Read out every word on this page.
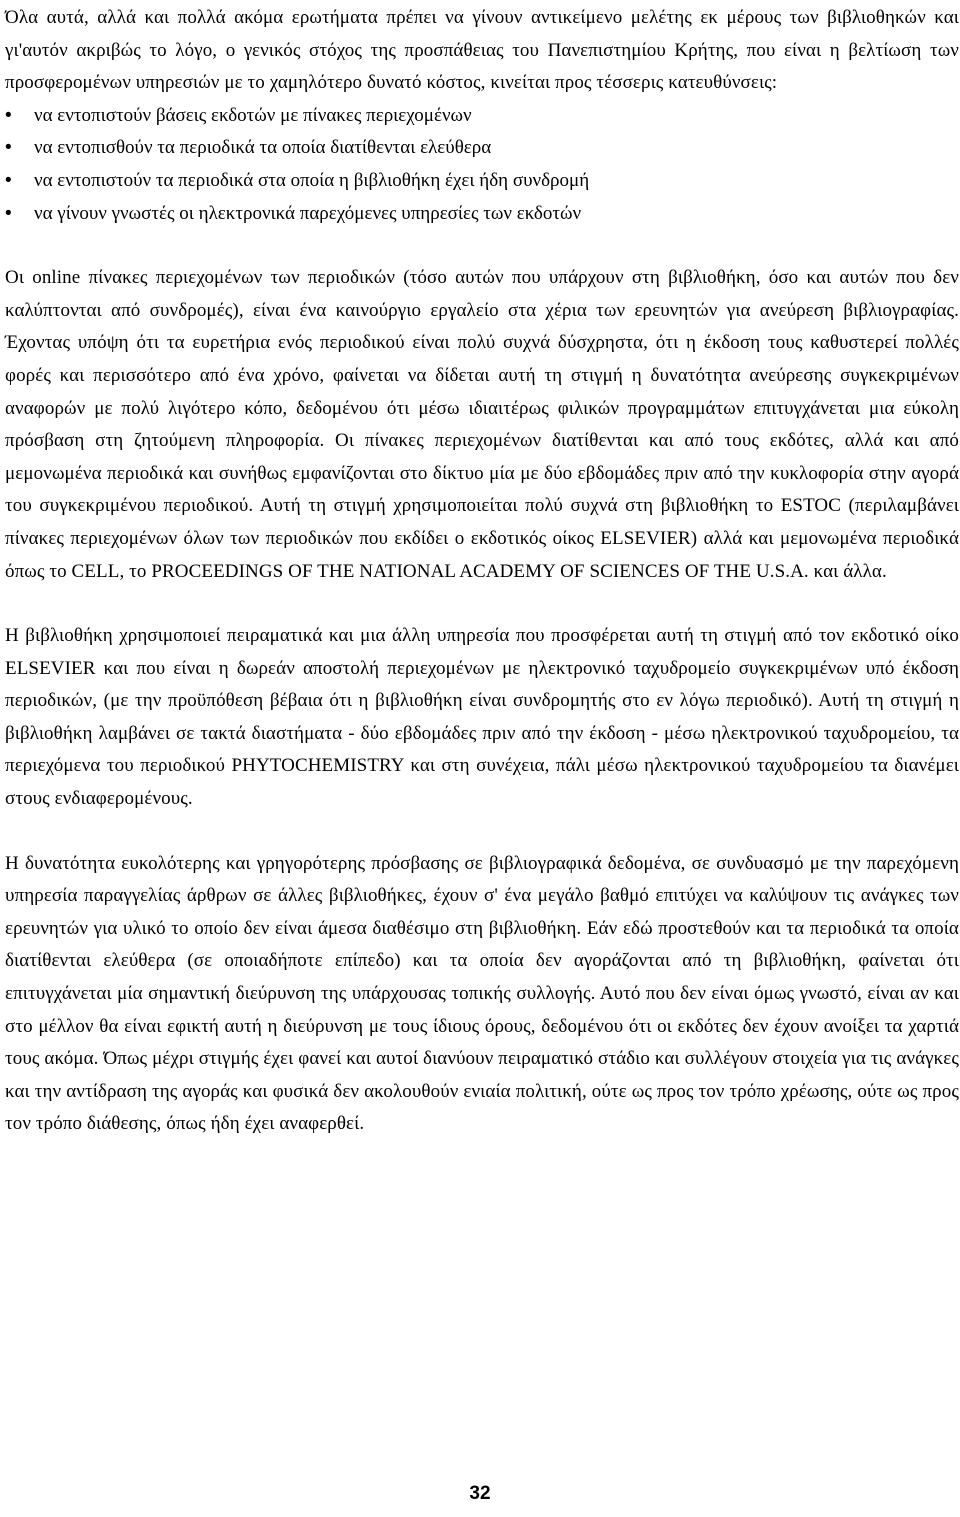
Όλα αυτά, αλλά και πολλά ακόμα ερωτήματα πρέπει να γίνουν αντικείμενο μελέτης εκ μέρους των βιβλιοθηκών και γι'αυτόν ακριβώς το λόγο, ο γενικός στόχος της προσπάθειας του Πανεπιστημίου Κρήτης, που είναι η βελτίωση των προσφερομένων υπηρεσιών με το χαμηλότερο δυνατό κόστος, κινείται προς τέσσερις κατευθύνσεις:

• να εντοπιστούν βάσεις εκδοτών με πίνακες περιεχομένων
• να εντοπισθούν τα περιοδικά τα οποία διατίθενται ελεύθερα
• να εντοπιστούν τα περιοδικά στα οποία η βιβλιοθήκη έχει ήδη συνδρομή
• να γίνουν γνωστές οι ηλεκτρονικά παρεχόμενες υπηρεσίες των εκδοτών

Οι online πίνακες περιεχομένων των περιοδικών (τόσο αυτών που υπάρχουν στη βιβλιοθήκη, όσο και αυτών που δεν καλύπτονται από συνδρομές), είναι ένα καινούργιο εργαλείο στα χέρια των ερευνητών για ανεύρεση βιβλιογραφίας. Έχοντας υπόψη ότι τα ευρετήρια ενός περιοδικού είναι πολύ συχνά δύσχρηστα, ότι η έκδοση τους καθυστερεί πολλές φορές και περισσότερο από ένα χρόνο, φαίνεται να δίδεται αυτή τη στιγμή η δυνατότητα ανεύρεσης συγκεκριμένων αναφορών με πολύ λιγότερο κόπο, δεδομένου ότι μέσω ιδιαιτέρως φιλικών προγραμμάτων επιτυγχάνεται μια εύκολη πρόσβαση στη ζητούμενη πληροφορία. Οι πίνακες περιεχομένων διατίθενται και από τους εκδότες, αλλά και από μεμονωμένα περιοδικά και συνήθως εμφανίζονται στο δίκτυο μία με δύο εβδομάδες πριν από την κυκλοφορία στην αγορά του συγκεκριμένου περιοδικού. Αυτή τη στιγμή χρησιμοποιείται πολύ συχνά στη βιβλιοθήκη το ESTOC (περιλαμβάνει πίνακες περιεχομένων όλων των περιοδικών που εκδίδει ο εκδοτικός οίκος ELSEVIER) αλλά και μεμονωμένα περιοδικά όπως το CELL, το PROCEEDINGS OF THE NATIONAL ACADEMY OF SCIENCES OF THE U.S.A. και άλλα.

Η βιβλιοθήκη χρησιμοποιεί πειραματικά και μια άλλη υπηρεσία που προσφέρεται αυτή τη στιγμή από τον εκδοτικό οίκο ELSEVIER και που είναι η δωρεάν αποστολή περιεχομένων με ηλεκτρονικό ταχυδρομείο συγκεκριμένων υπό έκδοση περιοδικών, (με την προϋπόθεση βέβαια ότι η βιβλιοθήκη είναι συνδρομητής στο εν λόγω περιοδικό). Αυτή τη στιγμή η βιβλιοθήκη λαμβάνει σε τακτά διαστήματα - δύο εβδομάδες πριν από την έκδοση - μέσω ηλεκτρονικού ταχυδρομείου, τα περιεχόμενα του περιοδικού PHYTOCHEMISTRY και στη συνέχεια, πάλι μέσω ηλεκτρονικού ταχυδρομείου τα διανέμει στους ενδιαφερομένους.

Η δυνατότητα ευκολότερης και γρηγορότερης πρόσβασης σε βιβλιογραφικά δεδομένα, σε συνδυασμό με την παρεχόμενη υπηρεσία παραγγελίας άρθρων σε άλλες βιβλιοθήκες, έχουν σ' ένα μεγάλο βαθμό επιτύχει να καλύψουν τις ανάγκες των ερευνητών για υλικό το οποίο δεν είναι άμεσα διαθέσιμο στη βιβλιοθήκη. Εάν εδώ προστεθούν και τα περιοδικά τα οποία διατίθενται ελεύθερα (σε οποιαδήποτε επίπεδο) και τα οποία δεν αγοράζονται από τη βιβλιοθήκη, φαίνεται ότι επιτυγχάνεται μία σημαντική διεύρυνση της υπάρχουσας τοπικής συλλογής. Αυτό που δεν είναι όμως γνωστό, είναι αν και στο μέλλον θα είναι εφικτή αυτή η διεύρυνση με τους ίδιους όρους, δεδομένου ότι οι εκδότες δεν έχουν ανοίξει τα χαρτιά τους ακόμα. Όπως μέχρι στιγμής έχει φανεί και αυτοί διανύουν πειραματικό στάδιο και συλλέγουν στοιχεία για τις ανάγκες και την αντίδραση της αγοράς και φυσικά δεν ακολουθούν ενιαία πολιτική, ούτε ως προς τον τρόπο χρέωσης, ούτε ως προς τον τρόπο διάθεσης, όπως ήδη έχει αναφερθεί.

32
